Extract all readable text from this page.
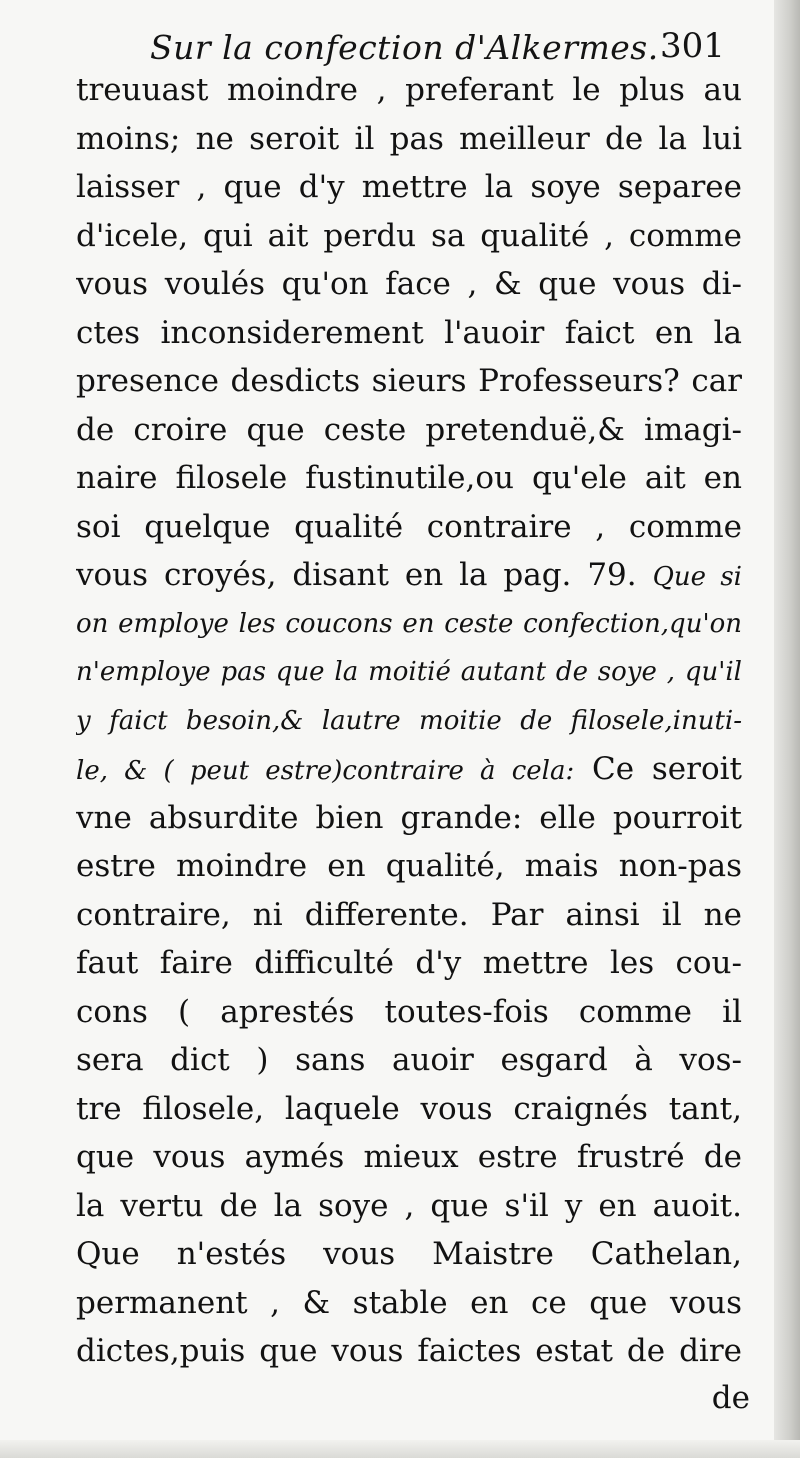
Sur la confection d'Alkermes. 301
treuuast moindre , preferant le plus au
moins; ne seroit il pas meilleur de la lui
laisser , que d'y mettre la soye separee
d'icele, qui ait perdu sa qualité , comme
vous voulés qu'on face , & que vous di-
ctes inconsiderement l'auoir faict en la
presence desdicts sieurs Professeurs? car
de croire que ceste pretenduë,& imagi-
naire filosele fustinutile,ou qu'ele ait en
soi quelque qualité contraire , comme
vous croyés, disant en la pag. 79. Que si
on employe les coucons en ceste confection,qu'on
n'employe pas que la moitié autant de soye , qu'il
y faict besoin,& lautre moitie de filosele,inuti-
le, & ( peut estre)contraire à cela: Ce seroit
vne absurdite bien grande: elle pourroit
estre moindre en qualité, mais non-pas
contraire, ni differente. Par ainsi il ne
faut faire difficulté d'y mettre les cou-
cons ( aprestés toutes-fois comme il
sera dict ) sans auoir esgard à vos-
tre filosele, laquele vous craignés tant,
que vous aymés mieux estre frustré de
la vertu de la soye , que s'il y en auoit.
Que n'estés vous Maistre Cathelan,
permanent , & stable en ce que vous
dictes,puis que vous faictes estat de dire
de
